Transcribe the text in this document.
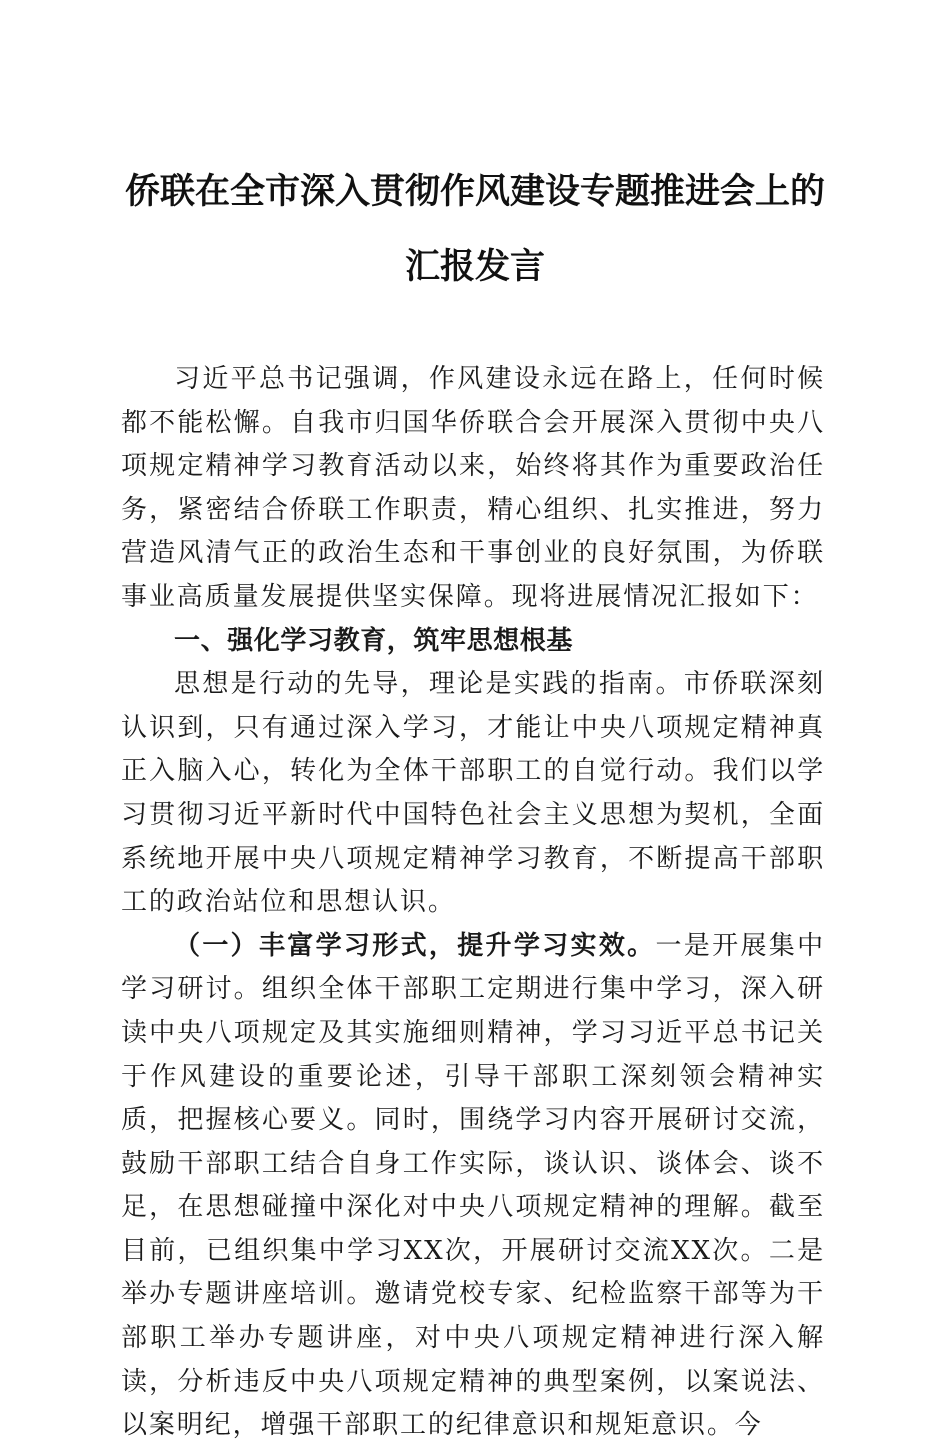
侨联在全市深入贯彻作风建设专题推进会上的
汇报发言

习近平总书记强调，作风建设永远在路上，任何时候都不能松懈。自我市归国华侨联合会开展深入贯彻中央八项规定精神学习教育活动以来，始终将其作为重要政治任务，紧密结合侨联工作职责，精心组织、扎实推进，努力营造风清气正的政治生态和干事创业的良好氛围，为侨联事业高质量发展提供坚实保障。现将进展情况汇报如下：

一、强化学习教育，筑牢思想根基

思想是行动的先导，理论是实践的指南。市侨联深刻认识到，只有通过深入学习，才能让中央八项规定精神真正入脑入心，转化为全体干部职工的自觉行动。我们以学习贯彻习近平新时代中国特色社会主义思想为契机，全面系统地开展中央八项规定精神学习教育，不断提高干部职工的政治站位和思想认识。

（一）丰富学习形式，提升学习实效。一是开展集中学习研讨。组织全体干部职工定期进行集中学习，深入研读中央八项规定及其实施细则精神，学习习近平总书记关于作风建设的重要论述，引导干部职工深刻领会精神实质，把握核心要义。同时，围绕学习内容开展研讨交流，鼓励干部职工结合自身工作实际，谈认识、谈体会、谈不足，在思想碰撞中深化对中央八项规定精神的理解。截至目前，已组织集中学习XX次，开展研讨交流XX次。二是举办专题讲座培训。邀请党校专家、纪检监察干部等为干部职工举办专题讲座，对中央八项规定精神进行深入解读，分析违反中央八项规定精神的典型案例，以案说法、以案明纪，增强干部职工的纪律意识和规矩意识。今
